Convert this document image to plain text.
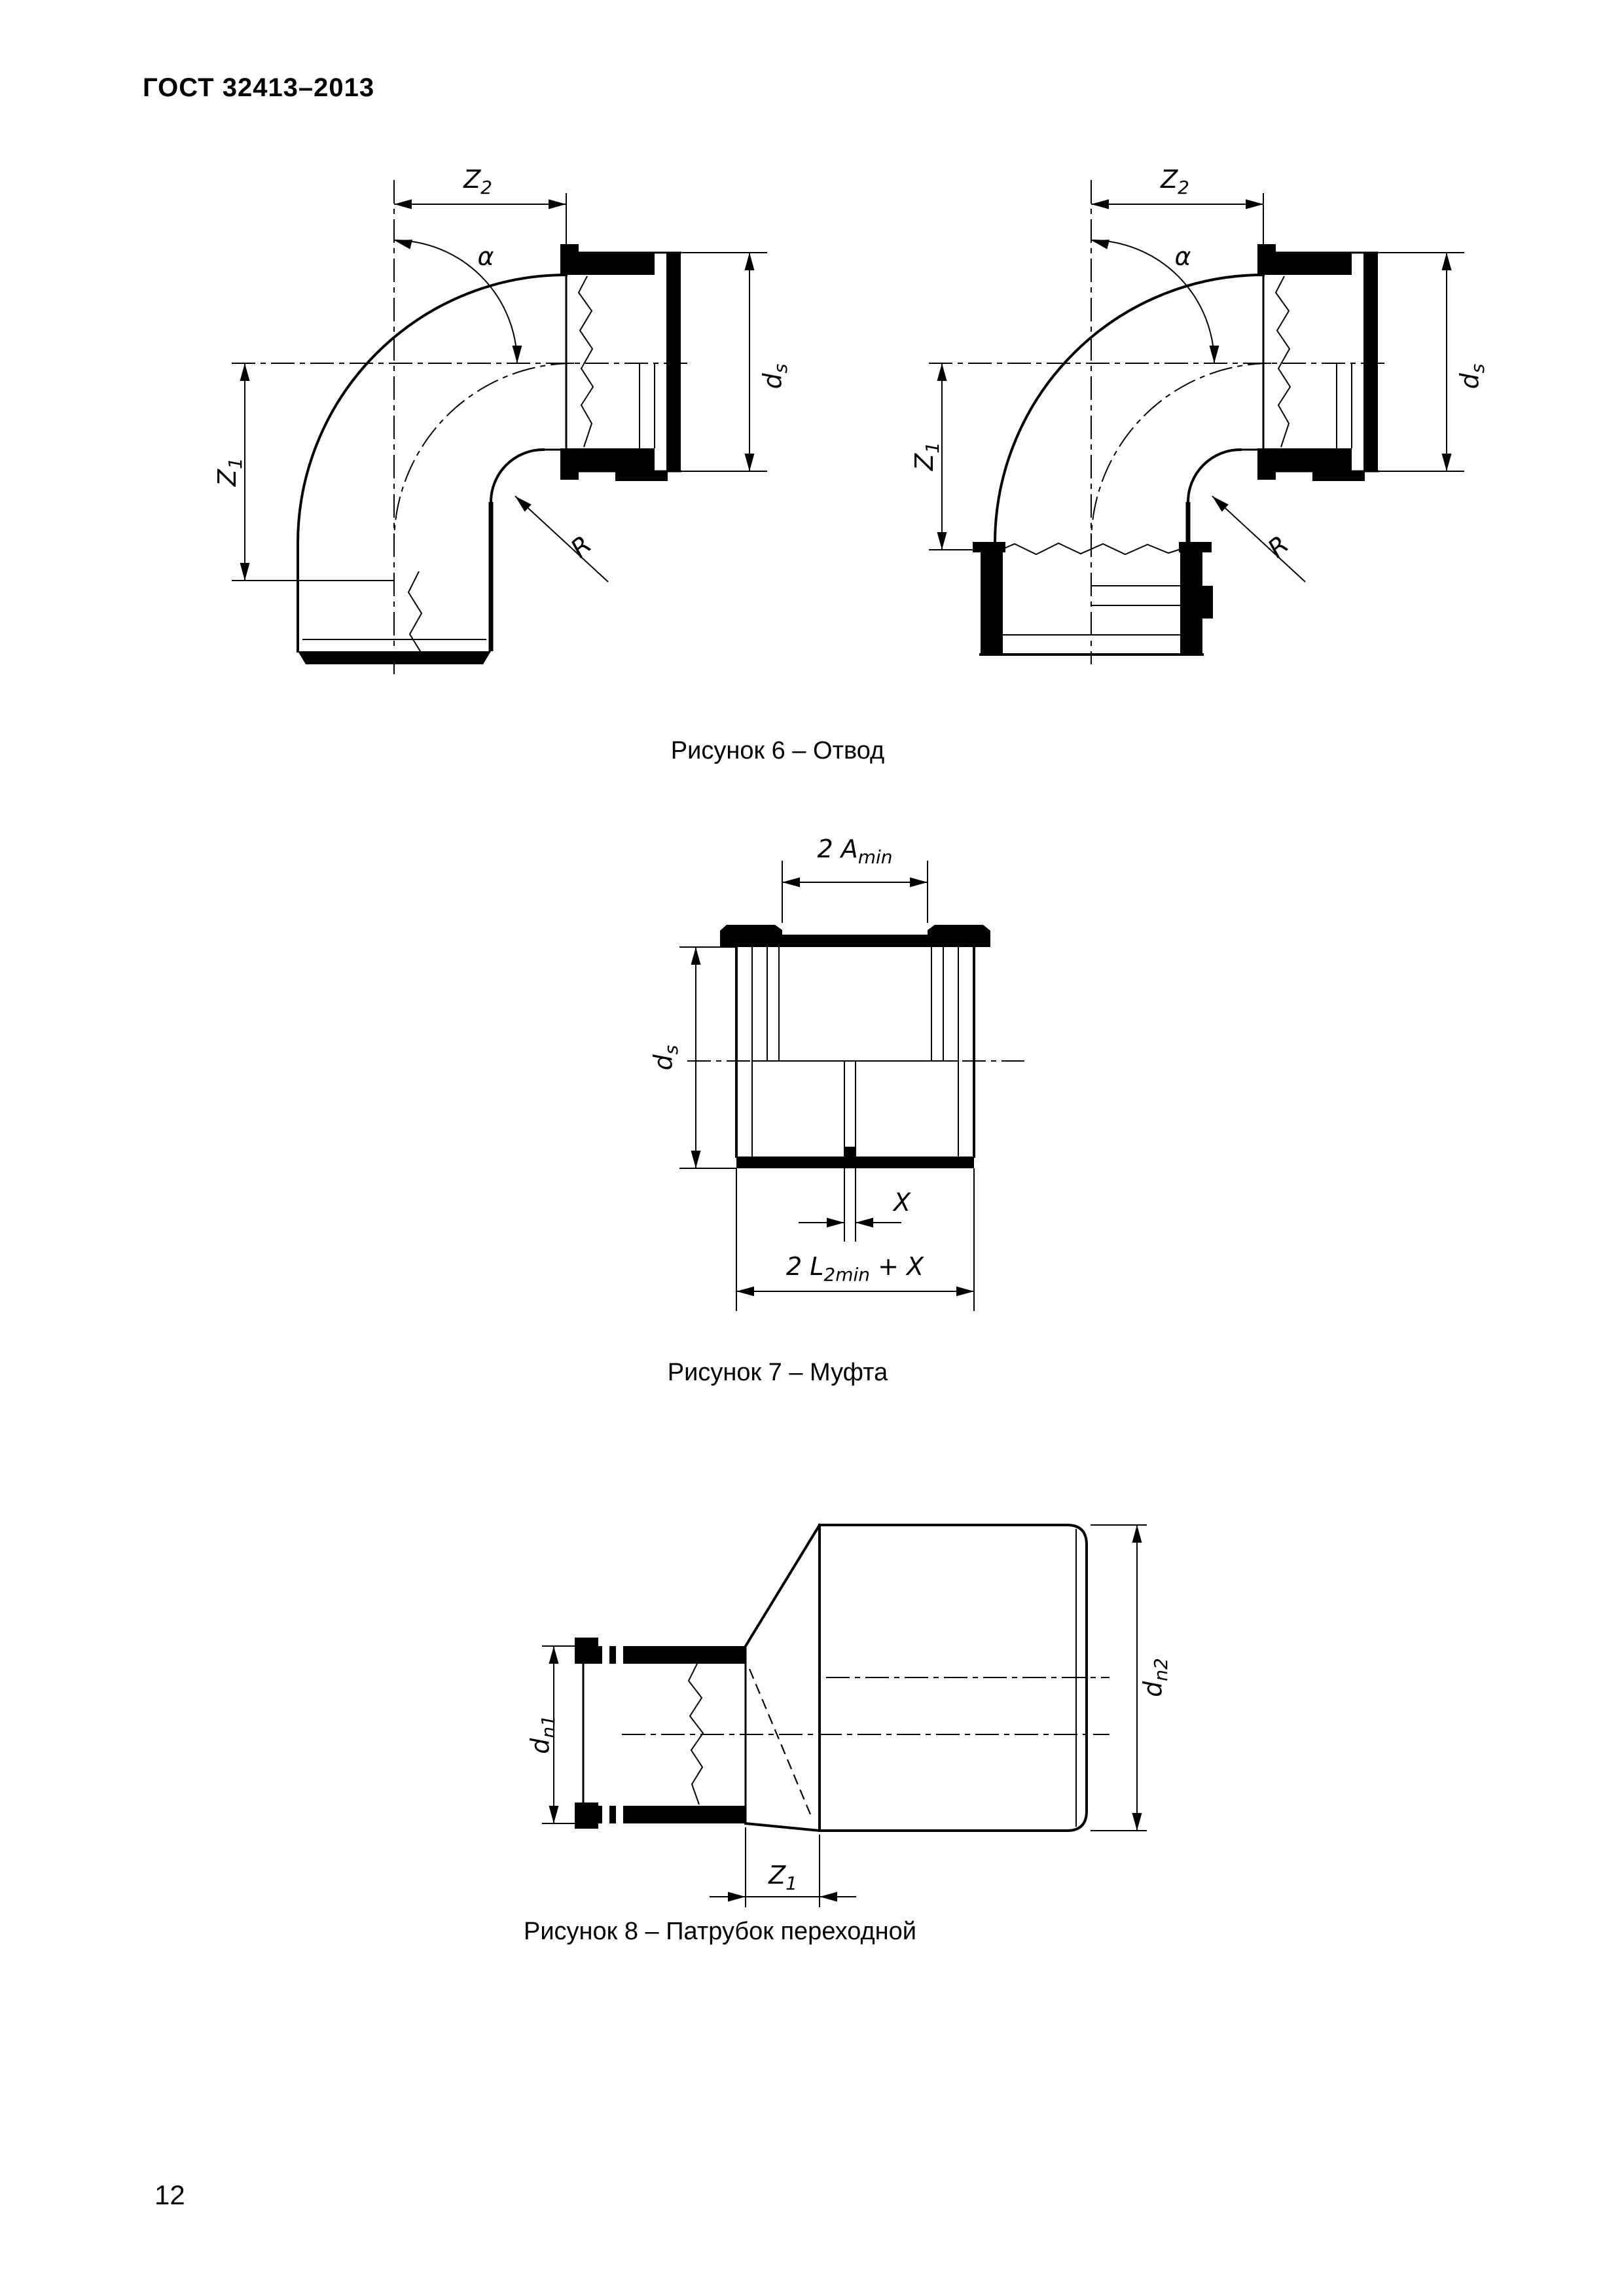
ГОСТ 32413–2013
$Z_2$
α
$Z_1$
$d_s$
R
$Z_2$
α
$Z_1$
$d_s$
R
Рисунок 6 – Отвод
2 $A_{min}$
$d_s$
X
2 $L_{2min} + X$
Рисунок 7 – Муфта
$d_{n1}$
$d_{n2}$
$Z_1$
Рисунок 8 – Патрубок переходной
12
